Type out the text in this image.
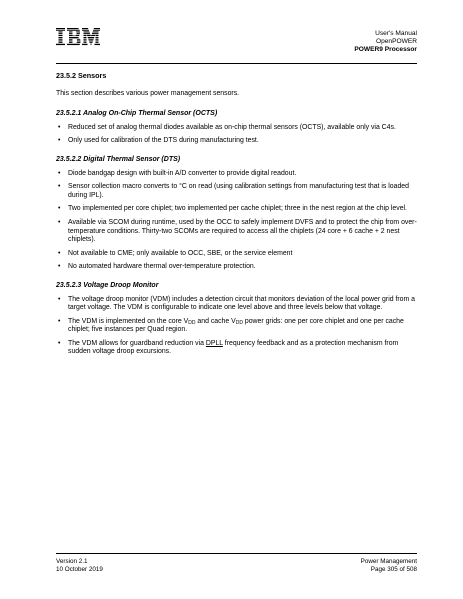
User's Manual
OpenPOWER
POWER9 Processor
23.5.2 Sensors

This section describes various power management sensors.

23.5.2.1 Analog On-Chip Thermal Sensor (OCTS)
• Reduced set of analog thermal diodes available as on-chip thermal sensors (OCTS), available only via C4s.
• Only used for calibration of the DTS during manufacturing test.
23.5.2.2 Digital Thermal Sensor (DTS)
• Diode bandgap design with built-in A/D converter to provide digital readout.
• Sensor collection macro converts to °C on read (using calibration settings from manufacturing test that is loaded during IPL).
• Two implemented per core chiplet; two implemented per cache chiplet; three in the nest region at the chip level.
• Available via SCOM during runtime, used by the OCC to safely implement DVFS and to protect the chip from over-temperature conditions. Thirty-two SCOMs are required to access all the chiplets (24 core + 6 cache + 2 nest chiplets).
• Not available to CME; only available to OCC, SBE, or the service element
• No automated hardware thermal over-temperature protection.
23.5.2.3 Voltage Droop Monitor
• The voltage droop monitor (VDM) includes a detection circuit that monitors deviation of the local power grid from a target voltage. The VDM is configurable to indicate one level above and three levels below that voltage.
• The VDM is implemented on the core $V_{DD}$ and cache $V_{DD}$ power grids: one per core chiplet and one per cache chiplet; five instances per Quad region.
• The VDM allows for guardband reduction via DPLL frequency feedback and as a protection mechanism from sudden voltage droop excursions.
Version 2.1
10 October 2019
Power Management
Page 305 of 508
